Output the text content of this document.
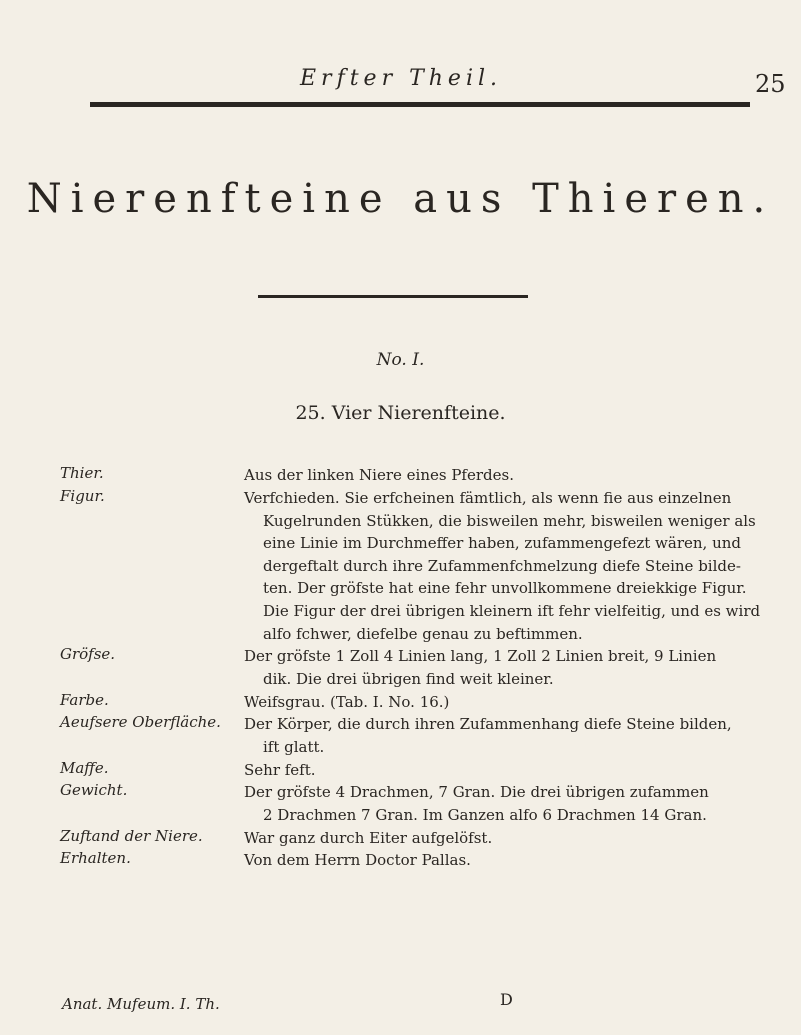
Erfter Theil.	25
Nierenfteine aus Thieren.
No. I.
25. Vier Nierenfteine.
Thier.
Figur.
Gröfse.
Farbe.
Aeufsere Oberfläche.
Maffe.
Gewicht.
Zuftand der Niere.
Erhalten.
Aus der linken Niere eines Pferdes.
Verfchieden. Sie erfcheinen fämtlich, als wenn fie aus einzelnen
Kugelrunden Stükken, die bisweilen mehr, bisweilen weniger als
eine Linie im Durchmeffer haben, zufammengefezt wären, und
dergeftalt durch ihre Zufammenfchmelzung diefe Steine bilde-
ten. Der gröfste hat eine fehr unvollkommene dreiekkige Figur.
Die Figur der drei übrigen kleinern ift fehr vielfeitig, und es wird
alfo fchwer, diefelbe genau zu beftimmen.
Der gröfste 1 Zoll 4 Linien lang, 1 Zoll 2 Linien breit, 9 Linien
dik. Die drei übrigen find weit kleiner.
Weifsgrau. (Tab. I. No. 16.)
Der Körper, die durch ihren Zufammenhang diefe Steine bilden,
ift glatt.
Sehr feft.
Der gröfste 4 Drachmen, 7 Gran. Die drei übrigen zufammen
2 Drachmen 7 Gran. Im Ganzen alfo 6 Drachmen 14 Gran.
War ganz durch Eiter aufgelöfst.
Von dem Herrn Doctor Pallas.
Anat. Mufeum. I. Th.	D
